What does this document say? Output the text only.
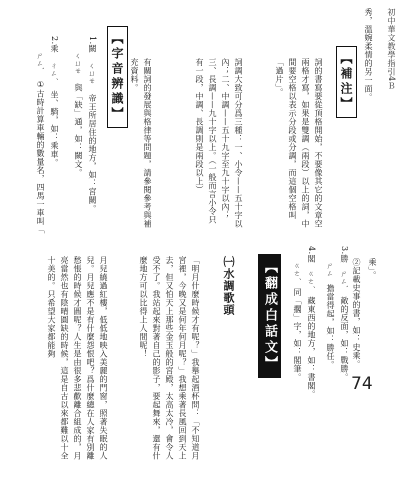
初中華文教學指引4Ｂ
秀，溫婉柔情的另一面。
【補注】
詞的書寫要從頂格開始，不要像其它的文章空兩格才寫，如果是雙調（兩段）以上的詞，中間要空格以表示分段或分調，而這個空格叫「過片」。
詞調大致可分爲三種：一、小令——五十字以內；二、中調——五十九字至九十字以內；三、長調——九十字以上。（一般而言小令只有一段，中調、長調則是兩段以上）
有關詞的發展與格律等問題，請參閱參考與補充資料。
【字音辨識】
1.闕 ㄑㄩㄝ 帝王所居住的地方，如：宮闕。
ㄑㄩㄝ 與「缺」通，如：闕文。
2.乘 ㄔㄥˊ 坐、騎，如：乘車。
ㄕㄥˋ ①古時計算車輛的數量名，四馬一車叫「
74
乘」。
②記載史事的書，如：史乘。
3.勝 ㄕㄥˋ 敵的反面，如：戰勝。
ㄕㄥ 擔當得起，如：勝任。
4.閣 ㄍㄜˊ 藏東西的地方，如：書閣。
ㄍㄜˊ 同「擱」字，如：閣筆。
【翻成白話文】
㈠水調歌頭
「明月什麼時候才有呢？」我舉起酒杯問：「不知道月宮裡，今晚又是何年何月呢？」我想乘著長風回到天上去，但又怕天上那些金玉般的宮殿，太高太冷，會令人受不了。我站起來對著自己的影子，要起舞來，還有什麼地方可以比得上人間呢！
月兒繞過紅樓，低低地映入美麗的門窗，照著失眠的人兒。月兒應不是有什麼怨恨吧？爲什麼總在人家有別離愁悵的時候才圓呢？人生是由很多悲歡離合組成的，月亮當然也有陰晴圓缺的時候，這是自古以來都難以十全十美的。只希望大家都能夠
